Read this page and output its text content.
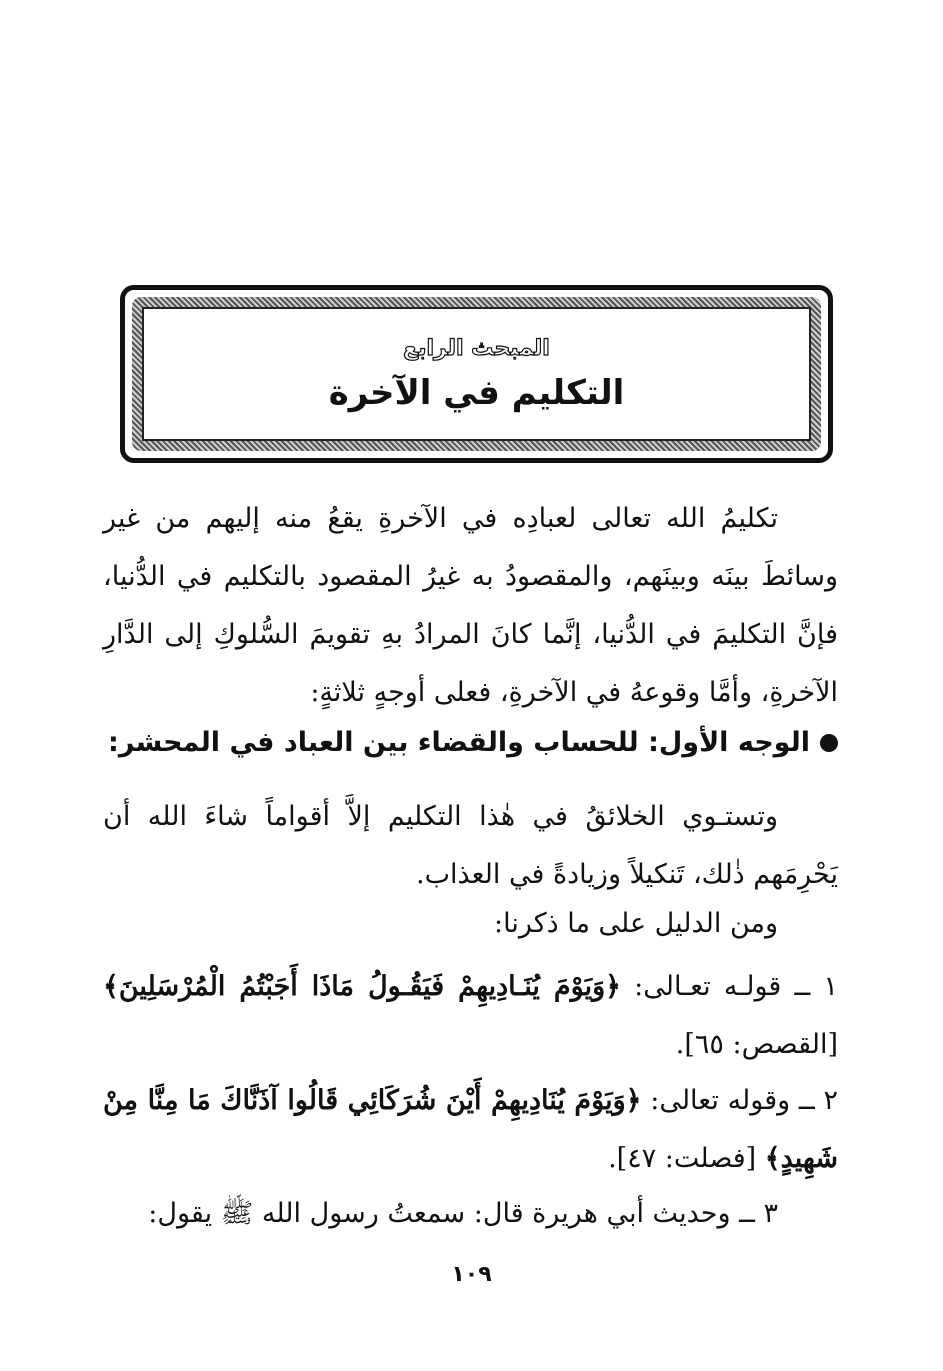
المبحث الرابع
التكليم في الآخرة

تكليمُ الله تعالى لعبادِه في الآخرةِ يقعُ منه إليهم من غير وسائطَ بينَه وبينَهم، والمقصودُ به غيرُ المقصود بالتكليم في الدُّنيا، فإنَّ التكليمَ في الدُّنيا، إنَّما كانَ المرادُ بهِ تقويمَ السُّلوكِ إلى الدَّارِ الآخرةِ، وأمَّا وقوعهُ في الآخرةِ، فعلى أوجهٍ ثلاثةٍ:

الوجه الأول: للحساب والقضاء بين العباد في المحشر:

وتستـوي الخلائقُ في هٰذا التكليم إلاَّ أقواماً شاءَ الله أن يَحْرِمَهم ذٰلك، تَنكيلاً وزيادةً في العذاب.

ومن الدليل على ما ذكرنا:

١ ــ قولـه تعـالى: ﴿وَيَوْمَ يُنَـادِيهِمْ فَيَقُـولُ مَاذَا أَجَبْتُمُ الْمُرْسَلِينَ﴾ [القصص: ٦٥].

٢ ــ وقوله تعالى: ﴿وَيَوْمَ يُنَادِيهِمْ أَيْنَ شُرَكَائِي قَالُوا آذَنَّاكَ مَا مِنَّا مِنْ شَهِيدٍ﴾ [فصلت: ٤٧].

٣ ــ وحديث أبي هريرة قال: سمعتُ رسول الله ﷺ يقول:

١٠٩
